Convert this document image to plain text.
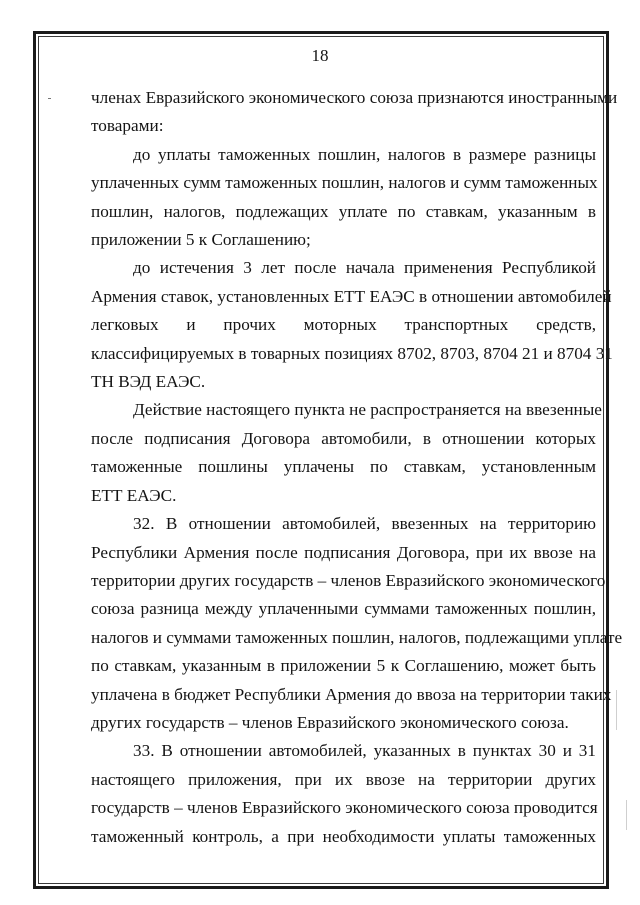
18
членах Евразийского экономического союза признаются иностранными
товарами:
до уплаты таможенных пошлин, налогов в размере разницы
уплаченных сумм таможенных пошлин, налогов и сумм таможенных
пошлин, налогов, подлежащих уплате по ставкам, указанным в
приложении 5 к Соглашению;
до истечения 3 лет после начала применения Республикой
Армения ставок, установленных ЕТТ ЕАЭС в отношении автомобилей
легковых и прочих моторных транспортных средств,
классифицируемых в товарных позициях 8702, 8703, 8704 21 и 8704 31
ТН ВЭД ЕАЭС.
Действие настоящего пункта не распространяется на ввезенные
после подписания Договора автомобили, в отношении которых
таможенные пошлины уплачены по ставкам, установленным
ЕТТ ЕАЭС.
32. В отношении автомобилей, ввезенных на территорию
Республики Армения после подписания Договора, при их ввозе на
территории других государств – членов Евразийского экономического
союза разница между уплаченными суммами таможенных пошлин,
налогов и суммами таможенных пошлин, налогов, подлежащими уплате
по ставкам, указанным в приложении 5 к Соглашению, может быть
уплачена в бюджет Республики Армения до ввоза на территории таких
других государств – членов Евразийского экономического союза.
33. В отношении автомобилей, указанных в пунктах 30 и 31
настоящего приложения, при их ввозе на территории других
государств – членов Евразийского экономического союза проводится
таможенный контроль, а при необходимости уплаты таможенных
